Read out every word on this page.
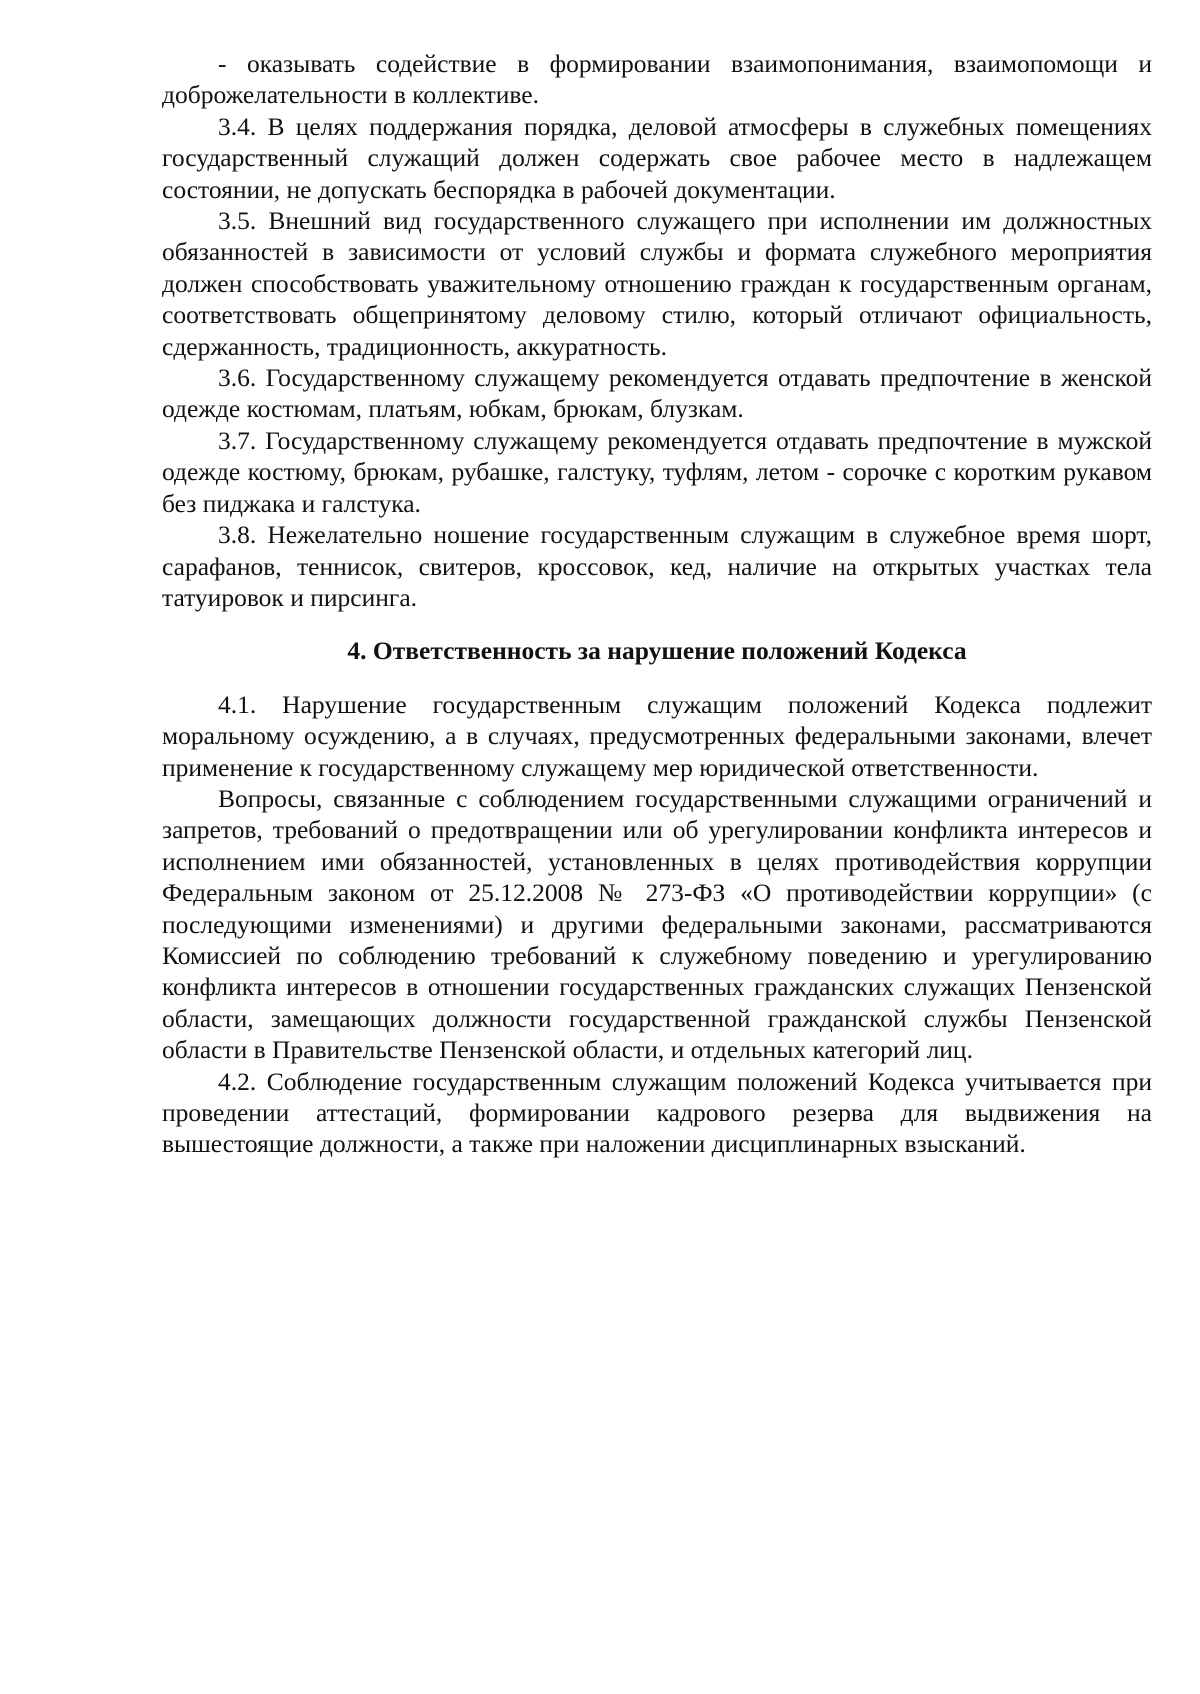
- оказывать содействие в формировании взаимопонимания, взаимопомощи и доброжелательности в коллективе.

3.4. В целях поддержания порядка, деловой атмосферы в служебных помещениях государственный служащий должен содержать свое рабочее место в надлежащем состоянии, не допускать беспорядка в рабочей документации.

3.5. Внешний вид государственного служащего при исполнении им должностных обязанностей в зависимости от условий службы и формата служебного мероприятия должен способствовать уважительному отношению граждан к государственным органам, соответствовать общепринятому деловому стилю, который отличают официальность, сдержанность, традиционность, аккуратность.

3.6. Государственному служащему рекомендуется отдавать предпочтение в женской одежде костюмам, платьям, юбкам, брюкам, блузкам.

3.7. Государственному служащему рекомендуется отдавать предпочтение в мужской одежде костюму, брюкам, рубашке, галстуку, туфлям, летом - сорочке с коротким рукавом без пиджака и галстука.

3.8. Нежелательно ношение государственным служащим в служебное время шорт, сарафанов, теннисок, свитеров, кроссовок, кед, наличие на открытых участках тела татуировок и пирсинга.

4. Ответственность за нарушение положений Кодекса

4.1. Нарушение государственным служащим положений Кодекса подлежит моральному осуждению, а в случаях, предусмотренных федеральными законами, влечет применение к государственному служащему мер юридической ответственности.

Вопросы, связанные с соблюдением государственными служащими ограничений и запретов, требований о предотвращении или об урегулировании конфликта интересов и исполнением ими обязанностей, установленных в целях противодействия коррупции Федеральным законом от 25.12.2008 № 273-ФЗ «О противодействии коррупции» (с последующими изменениями) и другими федеральными законами, рассматриваются Комиссией по соблюдению требований к служебному поведению и урегулированию конфликта интересов в отношении государственных гражданских служащих Пензенской области, замещающих должности государственной гражданской службы Пензенской области в Правительстве Пензенской области, и отдельных категорий лиц.

4.2. Соблюдение государственным служащим положений Кодекса учитывается при проведении аттестаций, формировании кадрового резерва для выдвижения на вышестоящие должности, а также при наложении дисциплинарных взысканий.
